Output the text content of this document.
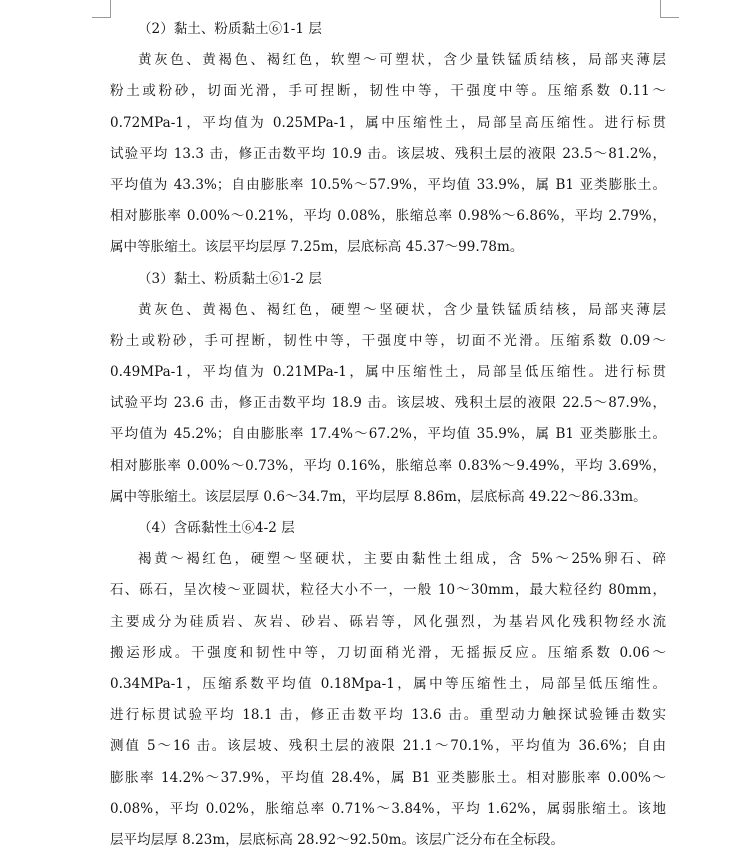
（2）黏土、粉质黏土⑥1-1 层
黄灰色、黄褐色、褐红色，软塑～可塑状，含少量铁锰质结核，局部夹薄层
粉土或粉砂，切面光滑，手可捏断，韧性中等，干强度中等。压缩系数 0.11～
0.72MPa-1，平均值为 0.25MPa-1，属中压缩性土，局部呈高压缩性。进行标贯
试验平均 13.3 击，修正击数平均 10.9 击。该层坡、残积土层的液限 23.5～81.2%，
平均值为 43.3%；自由膨胀率 10.5%～57.9%，平均值 33.9%，属 B1 亚类膨胀土。
相对膨胀率 0.00%～0.21%，平均 0.08%，胀缩总率 0.98%～6.86%，平均 2.79%，
属中等胀缩土。该层平均层厚 7.25m，层底标高 45.37～99.78m。
（3）黏土、粉质黏土⑥1-2 层
黄灰色、黄褐色、褐红色，硬塑～坚硬状，含少量铁锰质结核，局部夹薄层
粉土或粉砂，手可捏断，韧性中等，干强度中等，切面不光滑。压缩系数 0.09～
0.49MPa-1，平均值为 0.21MPa-1，属中压缩性土，局部呈低压缩性。进行标贯
试验平均 23.6 击，修正击数平均 18.9 击。该层坡、残积土层的液限 22.5～87.9%，
平均值为 45.2%；自由膨胀率 17.4%～67.2%，平均值 35.9%，属 B1 亚类膨胀土。
相对膨胀率 0.00%～0.73%，平均 0.16%，胀缩总率 0.83%～9.49%，平均 3.69%，
属中等胀缩土。该层层厚 0.6～34.7m，平均层厚 8.86m，层底标高 49.22～86.33m。
（4）含砾黏性土⑥4-2 层
褐黄～褐红色，硬塑～坚硬状，主要由黏性土组成，含 5%～25%卵石、碎
石、砾石，呈次棱～亚圆状，粒径大小不一，一般 10～30mm，最大粒径约 80mm，
主要成分为硅质岩、灰岩、砂岩、砾岩等，风化强烈，为基岩风化残积物经水流
搬运形成。干强度和韧性中等，刀切面稍光滑，无摇振反应。压缩系数 0.06～
0.34MPa-1，压缩系数平均值 0.18Mpa-1，属中等压缩性土，局部呈低压缩性。
进行标贯试验平均 18.1 击，修正击数平均 13.6 击。重型动力触探试验锤击数实
测值 5～16 击。该层坡、残积土层的液限 21.1～70.1%，平均值为 36.6%；自由
膨胀率 14.2%～37.9%，平均值 28.4%，属 B1 亚类膨胀土。相对膨胀率 0.00%～
0.08%，平均 0.02%，胀缩总率 0.71%～3.84%，平均 1.62%，属弱胀缩土。该地
层平均层厚 8.23m，层底标高 28.92～92.50m。该层广泛分布在全标段。
